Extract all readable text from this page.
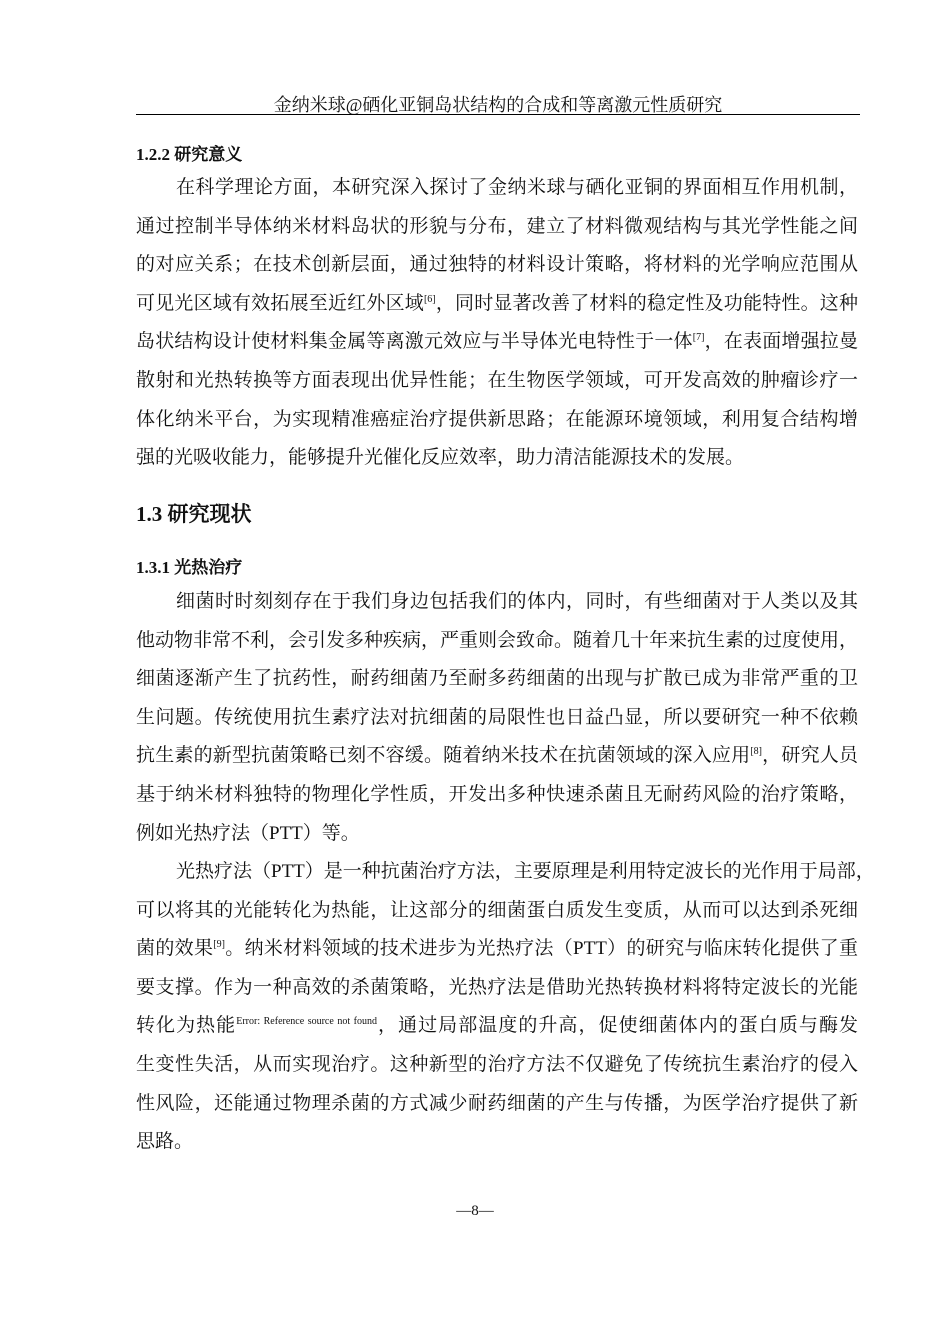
金纳米球@硒化亚铜岛状结构的合成和等离激元性质研究
1.2.2 研究意义
在科学理论方面，本研究深入探讨了金纳米球与硒化亚铜的界面相互作用机制，
通过控制半导体纳米材料岛状的形貌与分布，建立了材料微观结构与其光学性能之间
的对应关系；在技术创新层面，通过独特的材料设计策略，将材料的光学响应范围从
可见光区域有效拓展至近红外区域[6]，同时显著改善了材料的稳定性及功能特性。这种
岛状结构设计使材料集金属等离激元效应与半导体光电特性于一体[7]，在表面增强拉曼
散射和光热转换等方面表现出优异性能；在生物医学领域，可开发高效的肿瘤诊疗一
体化纳米平台，为实现精准癌症治疗提供新思路；在能源环境领域，利用复合结构增
强的光吸收能力，能够提升光催化反应效率，助力清洁能源技术的发展。
1.3 研究现状
1.3.1 光热治疗
细菌时时刻刻存在于我们身边包括我们的体内，同时，有些细菌对于人类以及其
他动物非常不利，会引发多种疾病，严重则会致命。随着几十年来抗生素的过度使用，
细菌逐渐产生了抗药性，耐药细菌乃至耐多药细菌的出现与扩散已成为非常严重的卫
生问题。传统使用抗生素疗法对抗细菌的局限性也日益凸显，所以要研究一种不依赖
抗生素的新型抗菌策略已刻不容缓。随着纳米技术在抗菌领域的深入应用[8]，研究人员
基于纳米材料独特的物理化学性质，开发出多种快速杀菌且无耐药风险的治疗策略，
例如光热疗法（PTT）等。
光热疗法（PTT）是一种抗菌治疗方法，主要原理是利用特定波长的光作用于局部，
可以将其的光能转化为热能，让这部分的细菌蛋白质发生变质，从而可以达到杀死细
菌的效果[9]。纳米材料领域的技术进步为光热疗法（PTT）的研究与临床转化提供了重
要支撑。作为一种高效的杀菌策略，光热疗法是借助光热转换材料将特定波长的光能
转化为热能$^{Error: Reference source not found}$，通过局部温度的升高，促使细菌体内的蛋白质与酶发
生变性失活，从而实现治疗。这种新型的治疗方法不仅避免了传统抗生素治疗的侵入
性风险，还能通过物理杀菌的方式减少耐药细菌的产生与传播，为医学治疗提供了新
思路。
—8—
